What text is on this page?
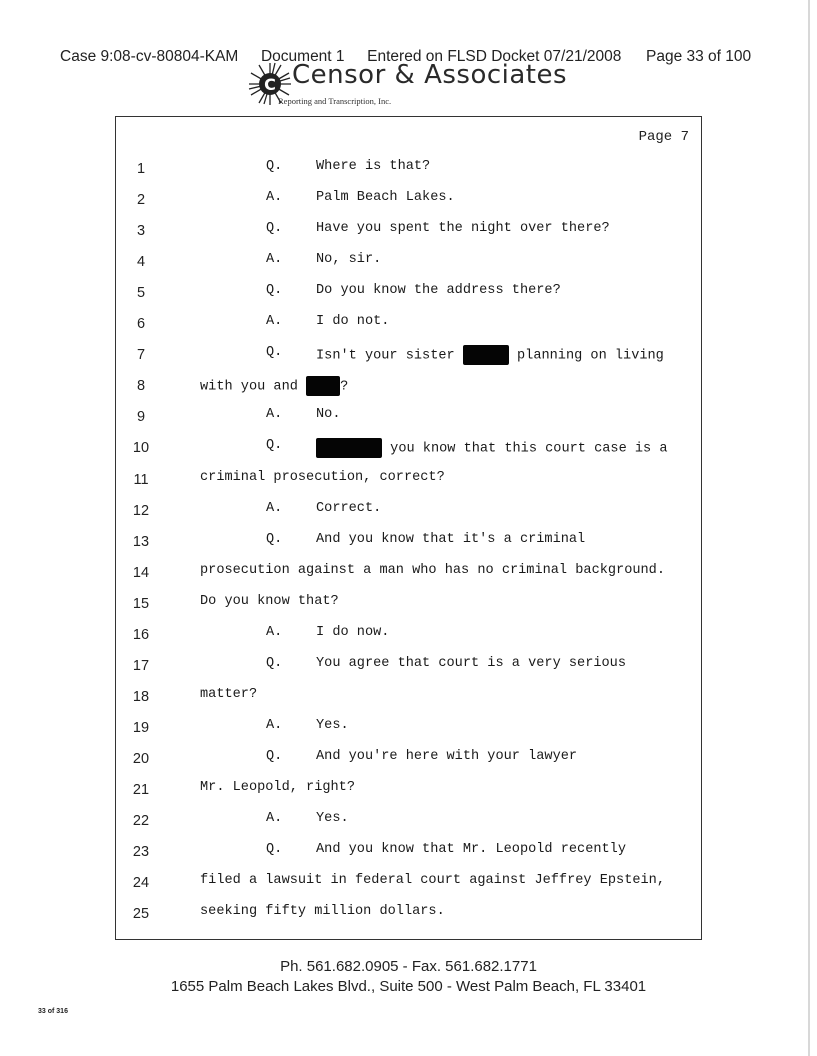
Case 9:08-cv-80804-KAM Document 1 Entered on FLSD Docket 07/21/2008 Page 33 of 100
C Censor & Associates
Reporting and Transcription, Inc.
Page 7
1	Q. Where is that?
2	A. Palm Beach Lakes.
3	Q. Have you spent the night over there?
4	A. No, sir.
5	Q. Do you know the address there?
6	A. I do not.
7	Q. Isn't your sister	planning on living
8	with you and	?
9	A. No.
10	Q.	you know that this court case is a
11	criminal prosecution, correct?
12	A. Correct.
13	Q. And you know that it's a criminal
14	prosecution against a man who has no criminal background.
15	Do you know that?
16	A. I do now.
17	Q. You agree that court is a very serious
18	matter?
19	A. Yes.
20	Q. And you're here with your lawyer
21	Mr. Leopold, right?
22	A. Yes.
23	Q. And you know that Mr. Leopold recently
24	filed a lawsuit in federal court against Jeffrey Epstein,
25	seeking fifty million dollars.
Ph. 561.682.0905 - Fax. 561.682.1771
1655 Palm Beach Lakes Blvd., Suite 500 - West Palm Beach, FL 33401
33 of 316
